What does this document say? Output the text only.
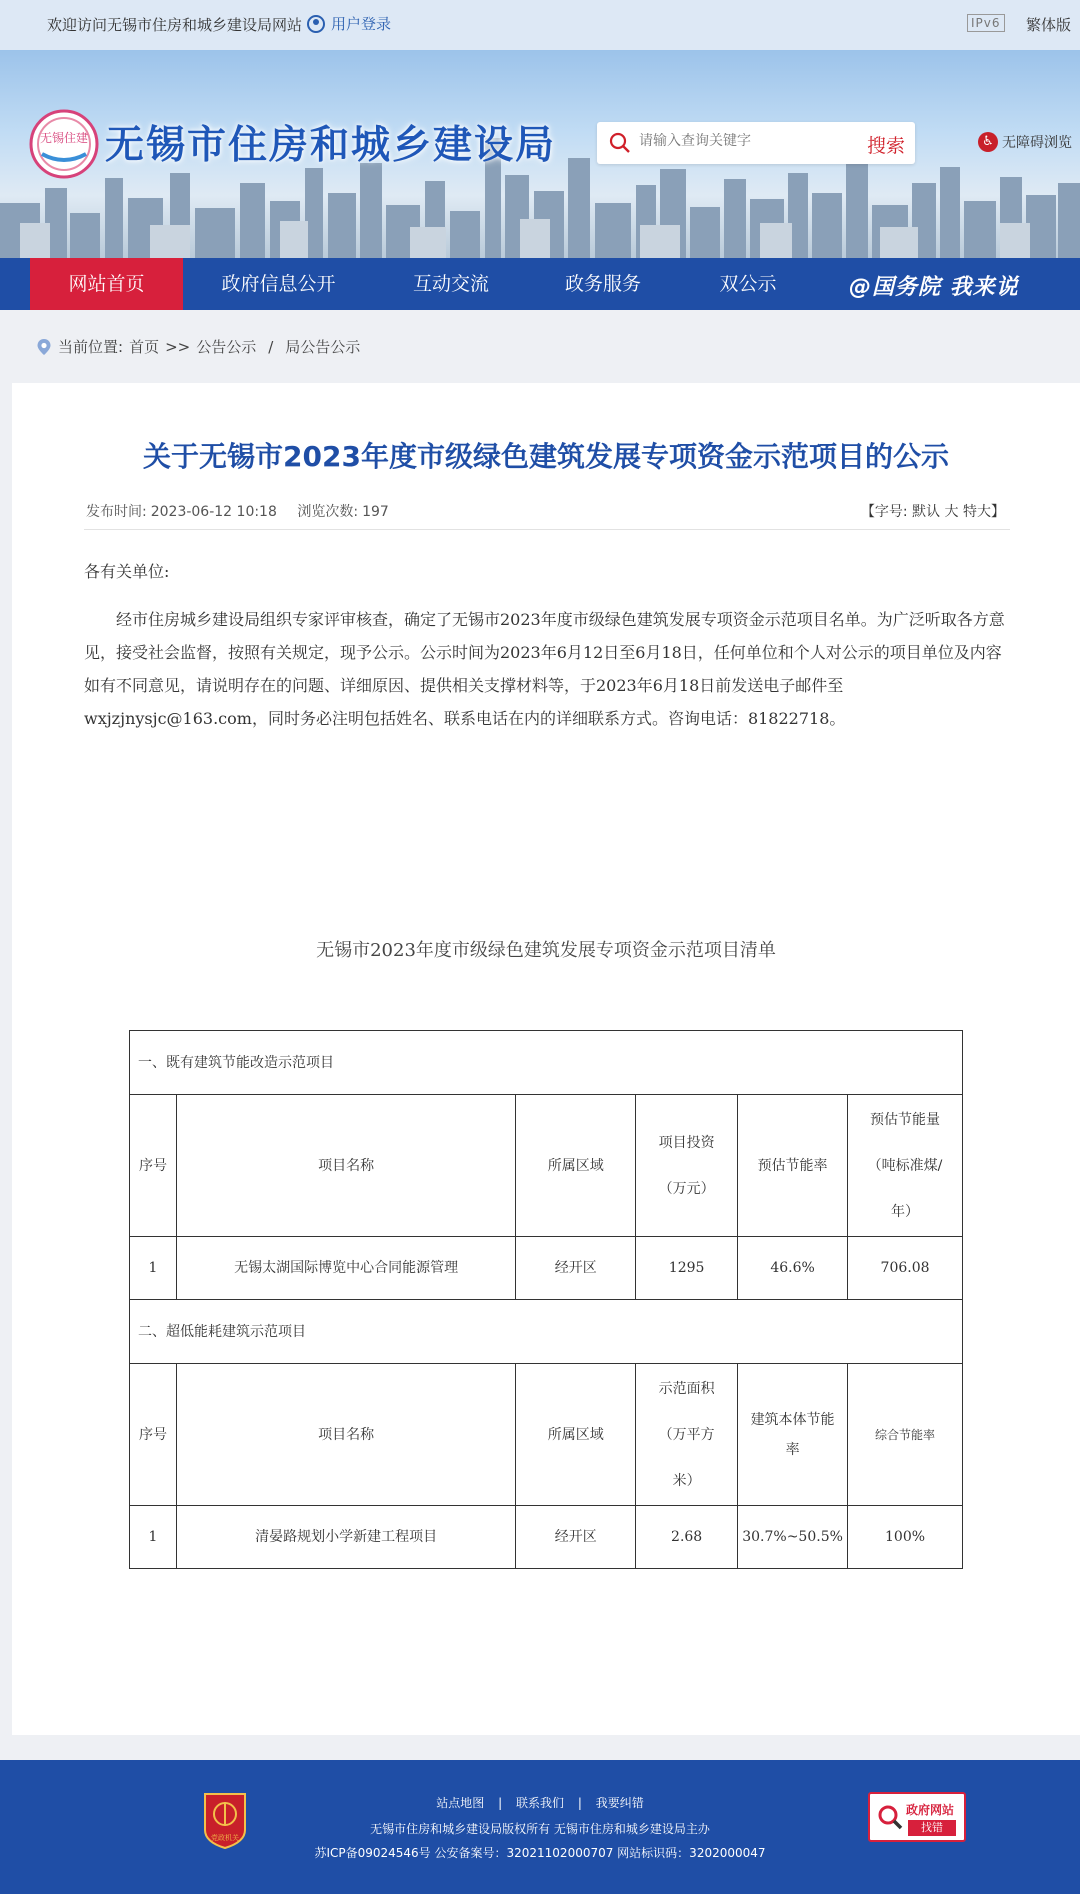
欢迎访问无锡市住房和城乡建设局网站 用户登录	IPv6 繁体版
无锡住建 无锡市住房和城乡建设局
请输入查询关键字	搜索	♿ 无障碍浏览
网站首页	政府信息公开	互动交流	政务服务	双公示	@国务院 我来说
当前位置: 首页 >> 公告公示 / 局公告公示
关于无锡市2023年度市级绿色建筑发展专项资金示范项目的公示
发布时间: 2023-06-12 10:18 浏览次数: 197	【字号: 默认 大 特大】

各有关单位:

经市住房城乡建设局组织专家评审核查，确定了无锡市2023年度市级绿色建筑发展专项资金示范项目名单。为广泛听取各方意见，接受社会监督，按照有关规定，现予公示。公示时间为2023年6月12日至6月18日，任何单位和个人对公示的项目单位及内容如有不同意见，请说明存在的问题、详细原因、提供相关支撑材料等，于2023年6月18日前发送电子邮件至wxjzjnysjc@163.com，同时务必注明包括姓名、联系电话在内的详细联系方式。咨询电话：81822718。

无锡市2023年度市级绿色建筑发展专项资金示范项目清单

一、既有建筑节能改造示范项目					
序号	项目名称	所属区域	项目投资（万元）	预估节能率	预估节能量（吨标准煤/年）
1	无锡太湖国际博览中心合同能源管理	经开区	1295	46.6%	706.08
二、超低能耗建筑示范项目					
序号	项目名称	所属区域	示范面积（万平方米）	建筑本体节能率	综合节能率
1	清晏路规划小学新建工程项目	经开区	2.68	30.7%~50.5%	100%
党政机关
站点地图 | 联系我们 | 我要纠错
无锡市住房和城乡建设局版权所有 无锡市住房和城乡建设局主办
苏ICP备09024546号 公安备案号：32021102000707 网站标识码：3202000047
政府网站
找错
